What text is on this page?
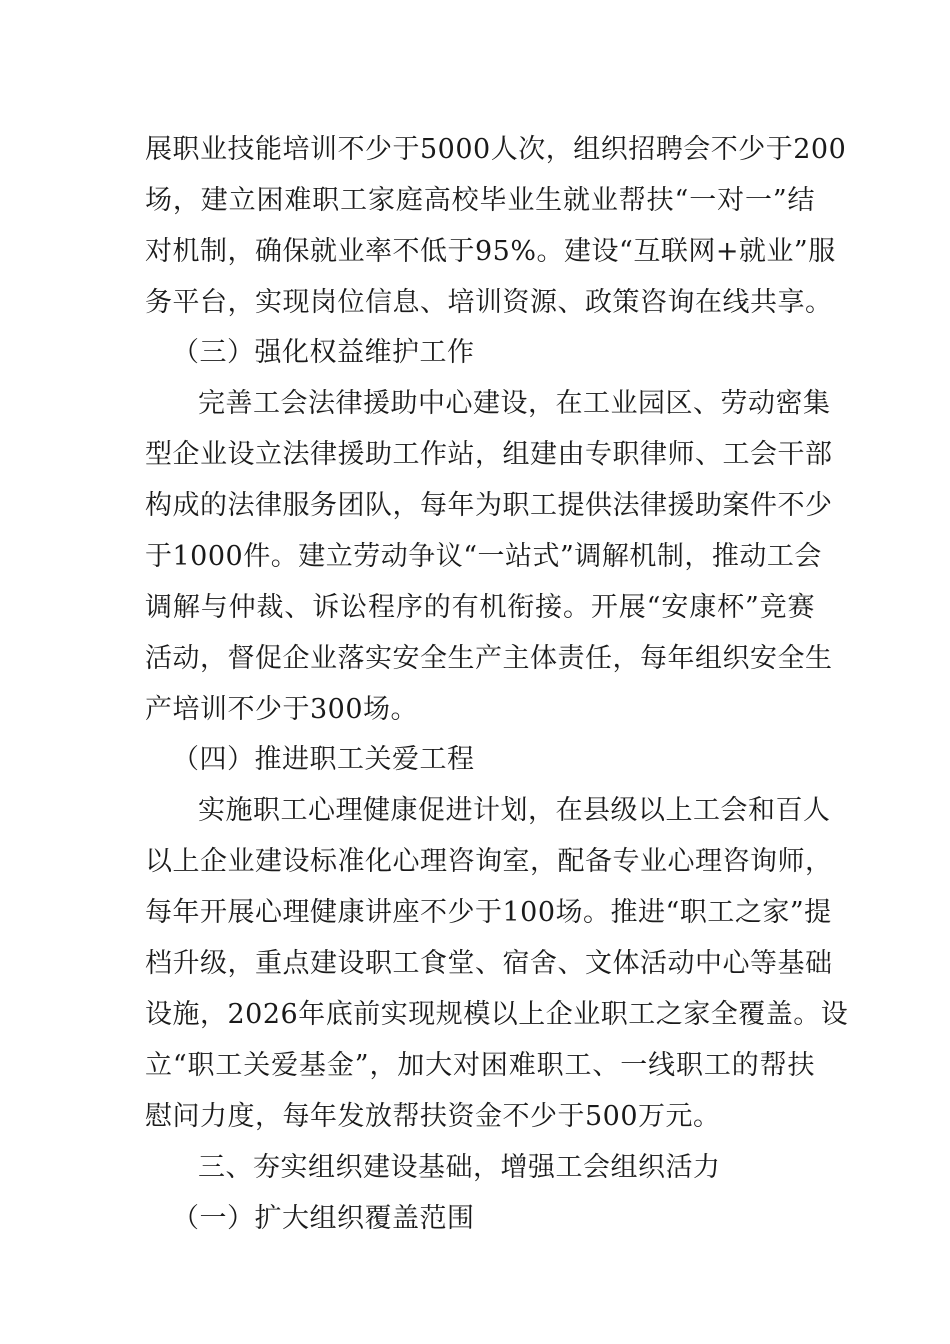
展职业技能培训不少于5000人次，组织招聘会不少于200
场，建立困难职工家庭高校毕业生就业帮扶“一对一”结
对机制，确保就业率不低于95%。建设“互联网+就业”服
务平台，实现岗位信息、培训资源、政策咨询在线共享。
（三）强化权益维护工作
完善工会法律援助中心建设，在工业园区、劳动密集
型企业设立法律援助工作站，组建由专职律师、工会干部
构成的法律服务团队，每年为职工提供法律援助案件不少
于1000件。建立劳动争议“一站式”调解机制，推动工会
调解与仲裁、诉讼程序的有机衔接。开展“安康杯”竞赛
活动，督促企业落实安全生产主体责任，每年组织安全生
产培训不少于300场。
（四）推进职工关爱工程
实施职工心理健康促进计划，在县级以上工会和百人
以上企业建设标准化心理咨询室，配备专业心理咨询师，
每年开展心理健康讲座不少于100场。推进“职工之家”提
档升级，重点建设职工食堂、宿舍、文体活动中心等基础
设施，2026年底前实现规模以上企业职工之家全覆盖。设
立“职工关爱基金”，加大对困难职工、一线职工的帮扶
慰问力度，每年发放帮扶资金不少于500万元。
三、夯实组织建设基础，增强工会组织活力
（一）扩大组织覆盖范围
